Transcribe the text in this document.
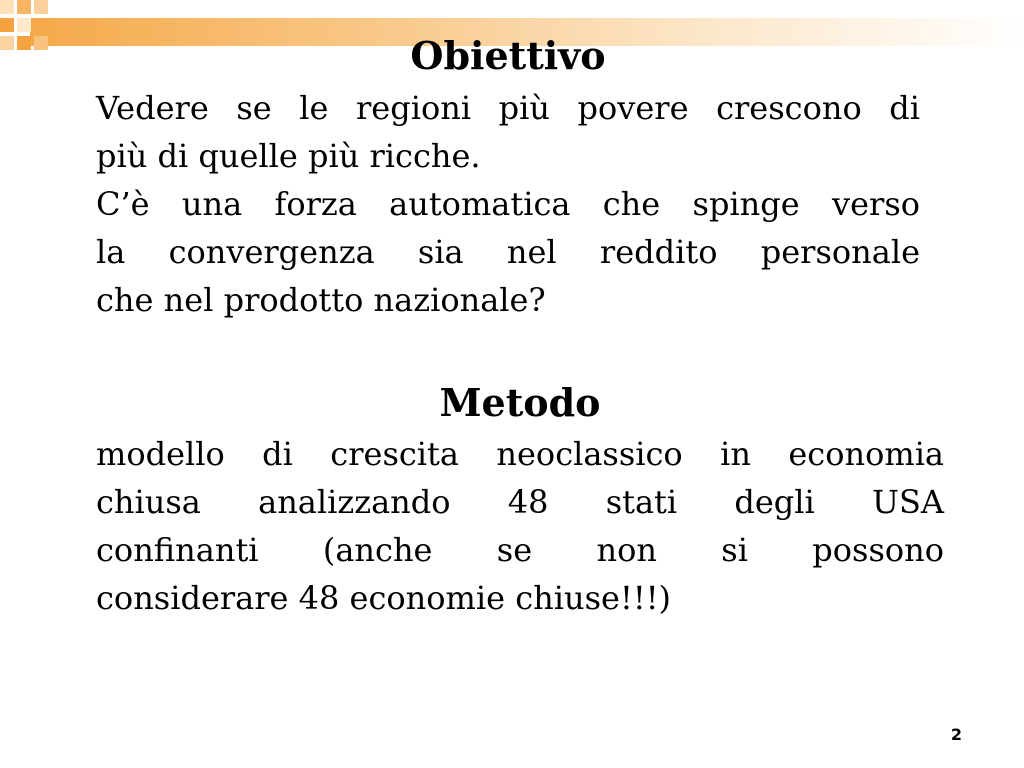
Obiettivo

Vedere se le regioni più povere crescono di
più di quelle più ricche.

C’è una forza automatica che spinge verso
la convergenza sia nel reddito personale
che nel prodotto nazionale?

Metodo

modello di crescita neoclassico in economia
chiusa analizzando 48 stati degli USA
confinanti (anche se non si possono
considerare 48 economie chiuse!!!)

2
